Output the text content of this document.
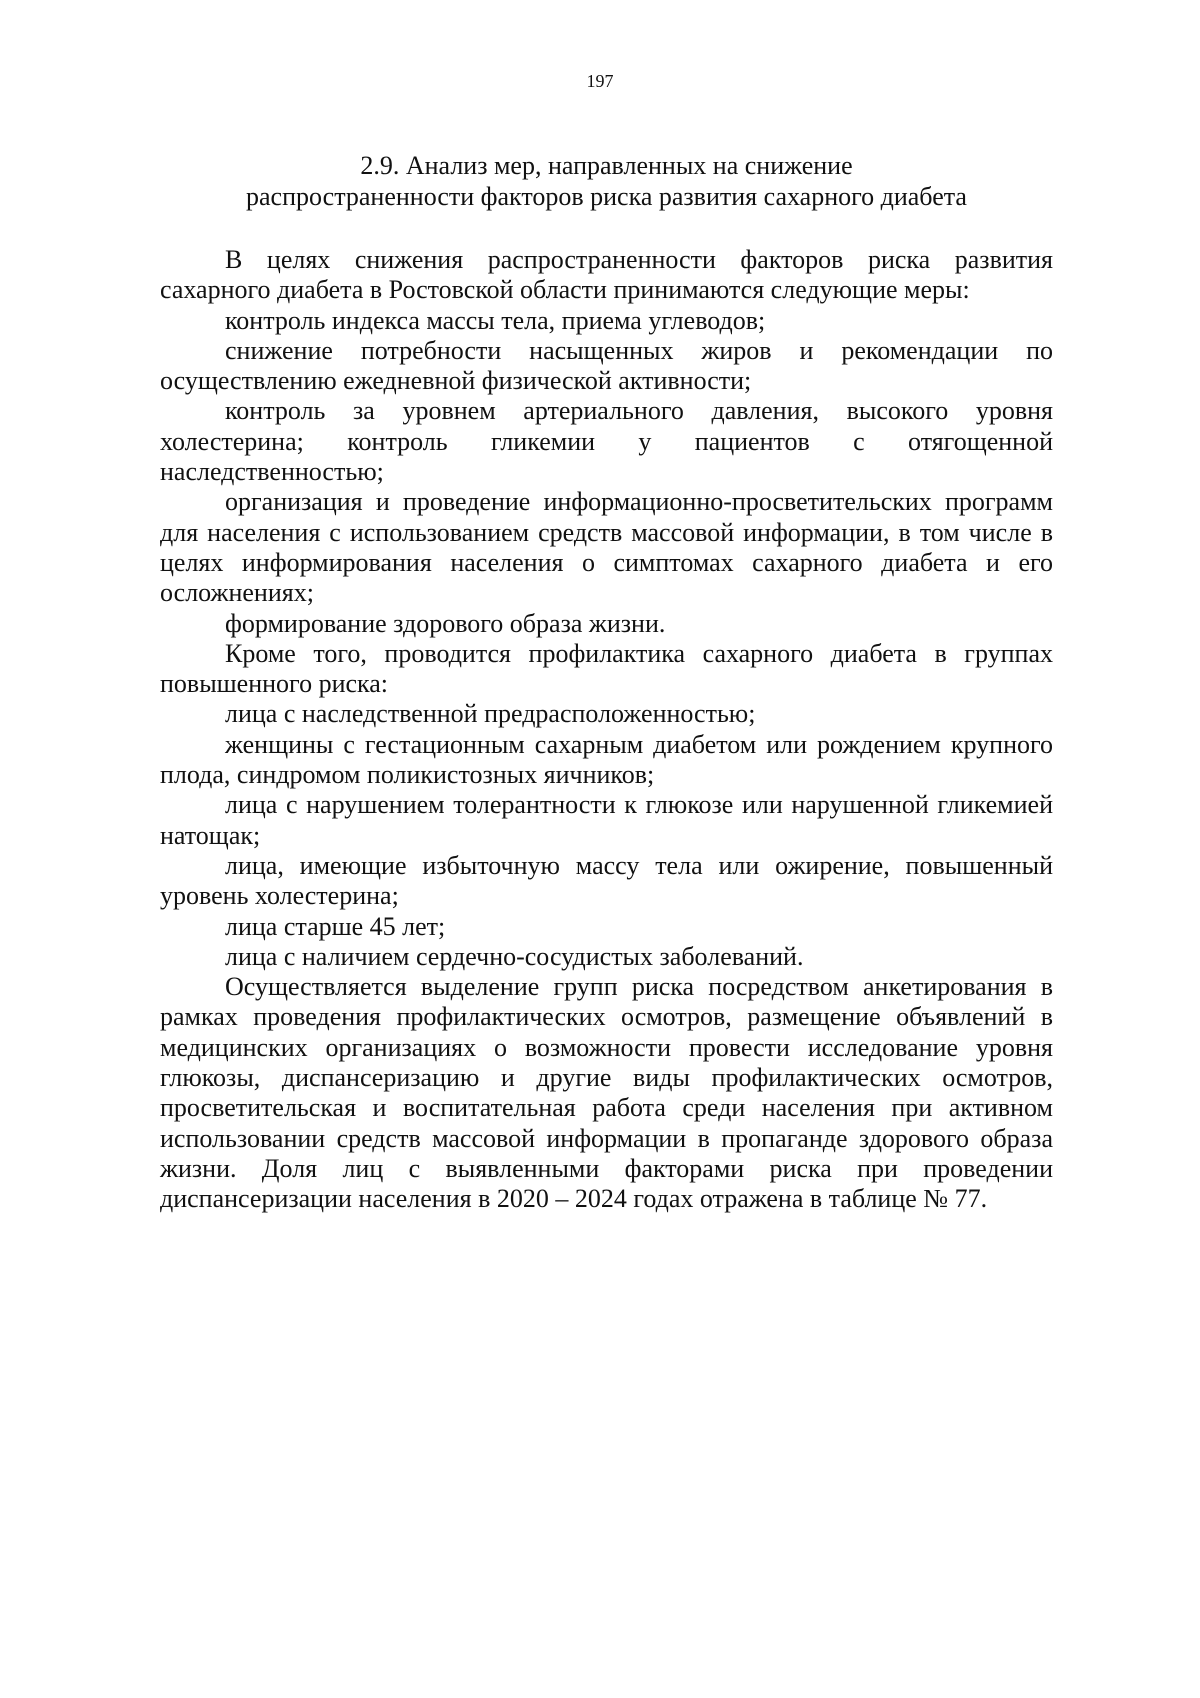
197
2.9. Анализ мер, направленных на снижение
распространенности факторов риска развития сахарного диабета

В целях снижения распространенности факторов риска развития сахарного диабета в Ростовской области принимаются следующие меры:

контроль индекса массы тела, приема углеводов;

снижение потребности насыщенных жиров и рекомендации по осуществлению ежедневной физической активности;

контроль за уровнем артериального давления, высокого уровня холестерина; контроль гликемии у пациентов с отягощенной наследственностью;

организация и проведение информационно-просветительских программ для населения с использованием средств массовой информации, в том числе в целях информирования населения о симптомах сахарного диабета и его осложнениях;

формирование здорового образа жизни.

Кроме того, проводится профилактика сахарного диабета в группах повышенного риска:

лица с наследственной предрасположенностью;

женщины с гестационным сахарным диабетом или рождением крупного плода, синдромом поликистозных яичников;

лица с нарушением толерантности к глюкозе или нарушенной гликемией натощак;

лица, имеющие избыточную массу тела или ожирение, повышенный уровень холестерина;

лица старше 45 лет;

лица с наличием сердечно-сосудистых заболеваний.

Осуществляется выделение групп риска посредством анкетирования в рамках проведения профилактических осмотров, размещение объявлений в медицинских организациях о возможности провести исследование уровня глюкозы, диспансеризацию и другие виды профилактических осмотров, просветительская и воспитательная работа среди населения при активном использовании средств массовой информации в пропаганде здорового образа жизни. Доля лиц с выявленными факторами риска при проведении диспансеризации населения в 2020 – 2024 годах отражена в таблице № 77.
